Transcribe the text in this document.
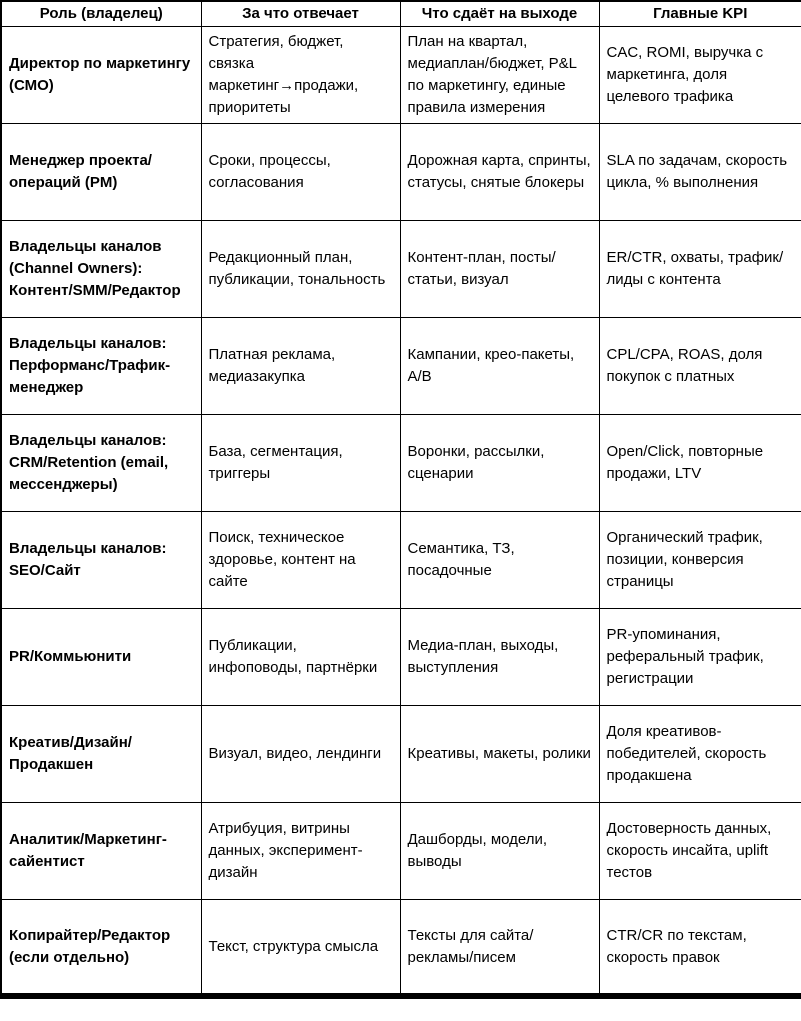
Роль (владелец)	За что отвечает	Что сдаёт на выходе	Главные KPI
Директор по маркетингу (СМО)	Стратегия, бюджет, связка маркетинг→продажи, приоритеты	План на квартал, медиаплан/бюджет, P&L по маркетингу, единые правила измерения	CAC, ROMI, выручка с маркетинга, доля целевого трафика
Менеджер проекта/операций (PM)	Сроки, процессы, согласования	Дорожная карта, спринты, статусы, снятые блокеры	SLA по задачам, скорость цикла, % выполнения
Владельцы каналов (Channel Owners): Контент/SMM/Редактор	Редакционный план, публикации, тональность	Контент-план, посты/статьи, визуал	ER/CTR, охваты, трафик/лиды с контента
Владельцы каналов: Перформанс/Трафик-менеджер	Платная реклама, медиазакупка	Кампании, крео-пакеты, A/B	CPL/CPA, ROAS, доля покупок с платных
Владельцы каналов: CRM/Retention (email, мессенджеры)	База, сегментация, триггеры	Воронки, рассылки, сценарии	Open/Click, повторные продажи, LTV
Владельцы каналов: SEO/Сайт	Поиск, техническое здоровье, контент на сайте	Семантика, ТЗ, посадочные	Органический трафик, позиции, конверсия страницы
PR/Коммьюнити	Публикации, инфоповоды, партнёрки	Медиа-план, выходы, выступления	PR-упоминания, реферальный трафик, регистрации
Креатив/Дизайн/Продакшен	Визуал, видео, лендинги	Креативы, макеты, ролики	Доля креативов-победителей, скорость продакшена
Аналитик/Маркетинг-сайентист	Атрибуция, витрины данных, эксперимент-дизайн	Дашборды, модели, выводы	Достоверность данных, скорость инсайта, uplift тестов
Копирайтер/Редактор (если отдельно)	Текст, структура смысла	Тексты для сайта/рекламы/писем	CTR/CR по текстам, скорость правок
